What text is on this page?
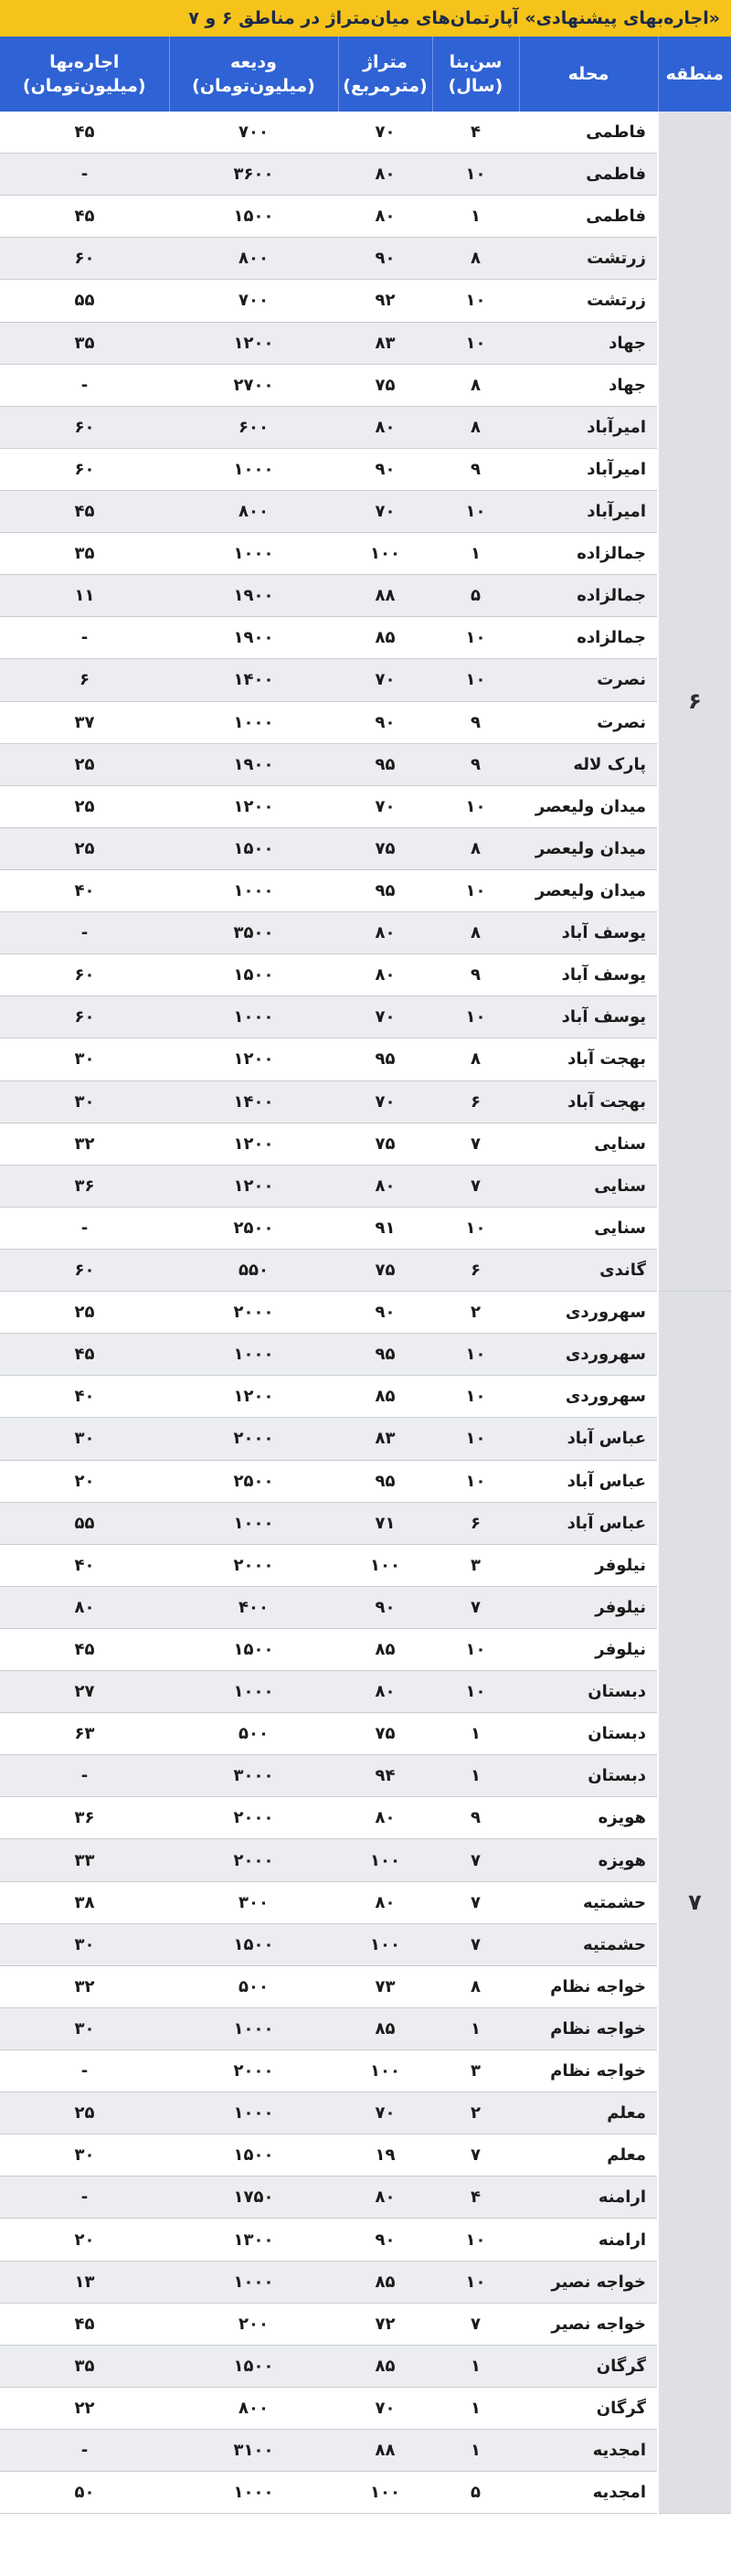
«اجاره‌بهای پیشنهادی» آپارتمان‌های میان‌متراژ در مناطق ۶ و ۷
منطقه	محله	سن‌بنا (سال)	متراژ (مترمربع)	ودیعه (میلیون‌تومان)	اجاره‌بها (میلیون‌تومان)
۶	فاطمی	۴	۷۰	۷۰۰	۴۵
	فاطمی	۱۰	۸۰	۳۶۰۰	-
	فاطمی	۱	۸۰	۱۵۰۰	۴۵
	زرتشت	۸	۹۰	۸۰۰	۶۰
	زرتشت	۱۰	۹۲	۷۰۰	۵۵
	جهاد	۱۰	۸۳	۱۲۰۰	۳۵
	جهاد	۸	۷۵	۲۷۰۰	-
	امیرآباد	۸	۸۰	۶۰۰	۶۰
	امیرآباد	۹	۹۰	۱۰۰۰	۶۰
	امیرآباد	۱۰	۷۰	۸۰۰	۴۵
	جمالزاده	۱	۱۰۰	۱۰۰۰	۳۵
	جمالزاده	۵	۸۸	۱۹۰۰	۱۱
	جمالزاده	۱۰	۸۵	۱۹۰۰	-
	نصرت	۱۰	۷۰	۱۴۰۰	۶
	نصرت	۹	۹۰	۱۰۰۰	۳۷
	پارک لاله	۹	۹۵	۱۹۰۰	۲۵
	میدان ولیعصر	۱۰	۷۰	۱۲۰۰	۲۵
	میدان ولیعصر	۸	۷۵	۱۵۰۰	۲۵
	میدان ولیعصر	۱۰	۹۵	۱۰۰۰	۴۰
	یوسف آباد	۸	۸۰	۳۵۰۰	-
	یوسف آباد	۹	۸۰	۱۵۰۰	۶۰
	یوسف آباد	۱۰	۷۰	۱۰۰۰	۶۰
	بهجت آباد	۸	۹۵	۱۲۰۰	۳۰
	بهجت آباد	۶	۷۰	۱۴۰۰	۳۰
	سنایی	۷	۷۵	۱۲۰۰	۳۲
	سنایی	۷	۸۰	۱۲۰۰	۳۶
	سنایی	۱۰	۹۱	۲۵۰۰	-
	گاندی	۶	۷۵	۵۵۰	۶۰
۷	سهروردی	۲	۹۰	۲۰۰۰	۲۵
	سهروردی	۱۰	۹۵	۱۰۰۰	۴۵
	سهروردی	۱۰	۸۵	۱۲۰۰	۴۰
	عباس آباد	۱۰	۸۳	۲۰۰۰	۳۰
	عباس آباد	۱۰	۹۵	۲۵۰۰	۲۰
	عباس آباد	۶	۷۱	۱۰۰۰	۵۵
	نیلوفر	۳	۱۰۰	۲۰۰۰	۴۰
	نیلوفر	۷	۹۰	۴۰۰	۸۰
	نیلوفر	۱۰	۸۵	۱۵۰۰	۴۵
	دبستان	۱۰	۸۰	۱۰۰۰	۲۷
	دبستان	۱	۷۵	۵۰۰	۶۳
	دبستان	۱	۹۴	۳۰۰۰	-
	هویزه	۹	۸۰	۲۰۰۰	۳۶
	هویزه	۷	۱۰۰	۲۰۰۰	۳۳
	حشمتیه	۷	۸۰	۳۰۰	۳۸
	حشمتیه	۷	۱۰۰	۱۵۰۰	۳۰
	خواجه نظام	۸	۷۳	۵۰۰	۳۲
	خواجه نظام	۱	۸۵	۱۰۰۰	۳۰
	خواجه نظام	۳	۱۰۰	۲۰۰۰	-
	معلم	۲	۷۰	۱۰۰۰	۲۵
	معلم	۷	۱۹	۱۵۰۰	۳۰
	ارامنه	۴	۸۰	۱۷۵۰	-
	ارامنه	۱۰	۹۰	۱۳۰۰	۲۰
	خواجه نصیر	۱۰	۸۵	۱۰۰۰	۱۳
	خواجه نصیر	۷	۷۲	۲۰۰	۴۵
	گرگان	۱	۸۵	۱۵۰۰	۳۵
	گرگان	۱	۷۰	۸۰۰	۲۲
	امجدیه	۱	۸۸	۳۱۰۰	-
	امجدیه	۵	۱۰۰	۱۰۰۰	۵۰
